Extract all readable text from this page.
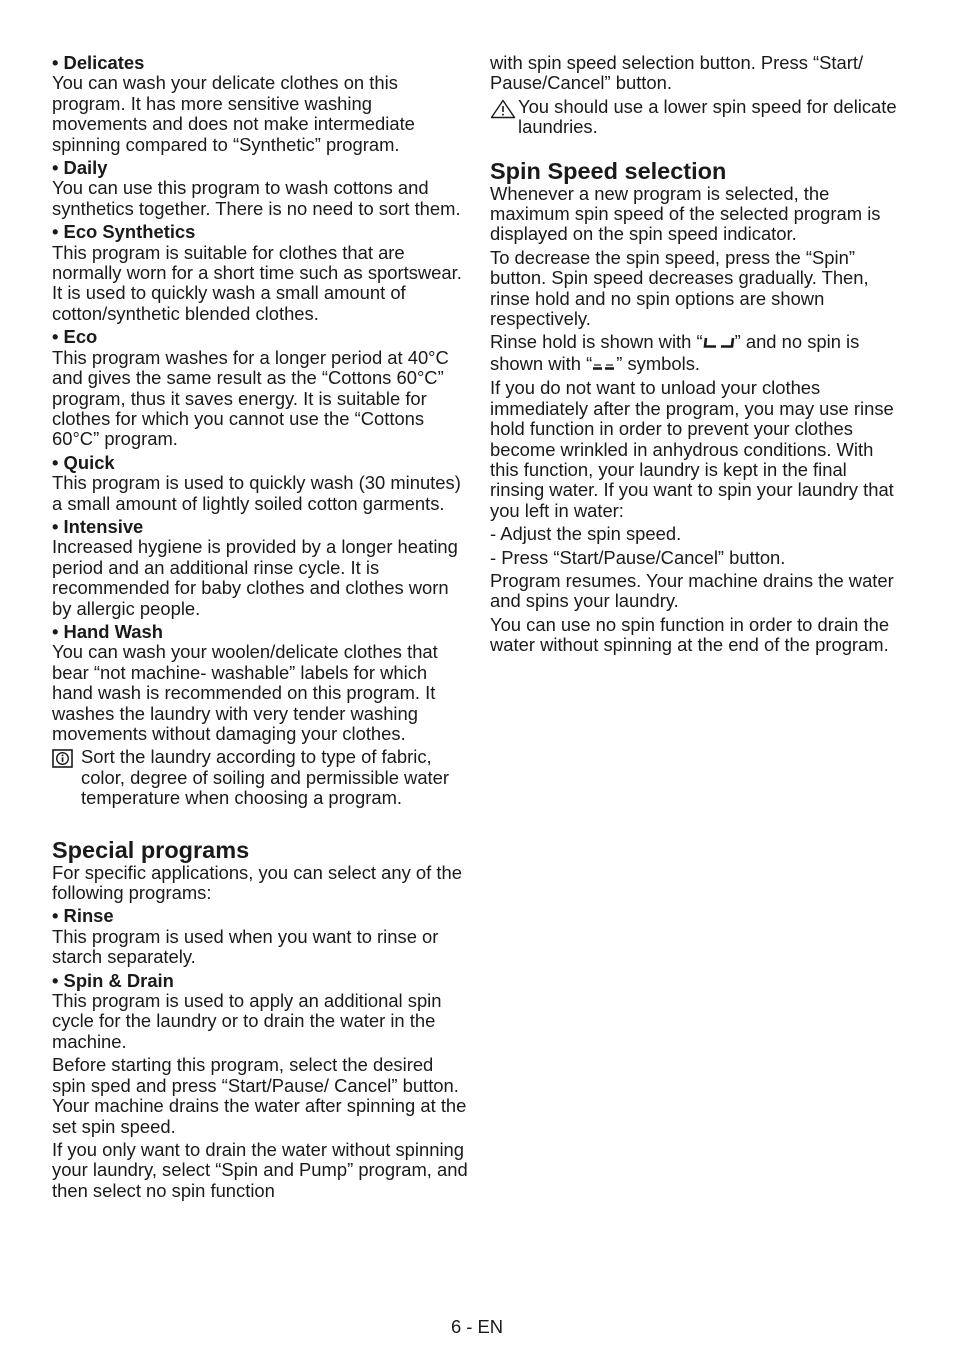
• Delicates

You can wash your delicate clothes on this program. It has more sensitive washing movements and does not make intermediate spinning compared to “Synthetic” program.

• Daily

You can use this program to wash cottons and synthetics together. There is no need to sort them.

• Eco Synthetics

This program is suitable for clothes that are normally worn for a short time such as sportswear. It is used to quickly wash a small amount of cotton/synthetic blended clothes.

• Eco

This program washes for a longer period at 40°C and gives the same result as the “Cottons 60°C” program, thus it saves energy. It is suitable for clothes for which you cannot use the “Cottons 60°C” program.

• Quick

This program is used to quickly wash (30 minutes) a small amount of lightly soiled cotton garments.

• Intensive

Increased hygiene is provided by a longer heating period and an additional rinse cycle. It is recommended for baby clothes and clothes worn by allergic people.

• Hand Wash

You can wash your woolen/delicate clothes that bear “not machine- washable” labels for which hand wash is recommended on this program. It washes the laundry with very tender washing movements without damaging your clothes.

Sort the laundry according to type of fabric, color, degree of soiling and permissible water temperature when choosing a program.
Special programs

For specific applications, you can select any of the following programs:

• Rinse

This program is used when you want to rinse or starch separately.

• Spin & Drain

This program is used to apply an additional spin cycle for the laundry or to drain the water in the machine.

Before starting this program, select the desired spin sped and press “Start/Pause/ Cancel” button. Your machine drains the water after spinning at the set spin speed.

If you only want to drain the water without spinning your laundry, select “Spin and Pump” program, and then select no spin function

with spin speed selection button. Press “Start/ Pause/Cancel” button.

You should use a lower spin speed for delicate laundries.
Spin Speed selection

Whenever a new program is selected, the maximum spin speed of the selected program is displayed on the spin speed indicator.

To decrease the spin speed, press the “Spin” button. Spin speed decreases gradually. Then, rinse hold and no spin options are shown respectively.

Rinse hold is shown with “ ” and no spin is shown with “ ” symbols.

If you do not want to unload your clothes immediately after the program, you may use rinse hold function in order to prevent your clothes become wrinkled in anhydrous conditions. With this function, your laundry is kept in the final rinsing water. If you want to spin your laundry that you left in water:

- Adjust the spin speed.

- Press “Start/Pause/Cancel” button.

Program resumes. Your machine drains the water and spins your laundry.

You can use no spin function in order to drain the water without spinning at the end of the program.

6 - EN
